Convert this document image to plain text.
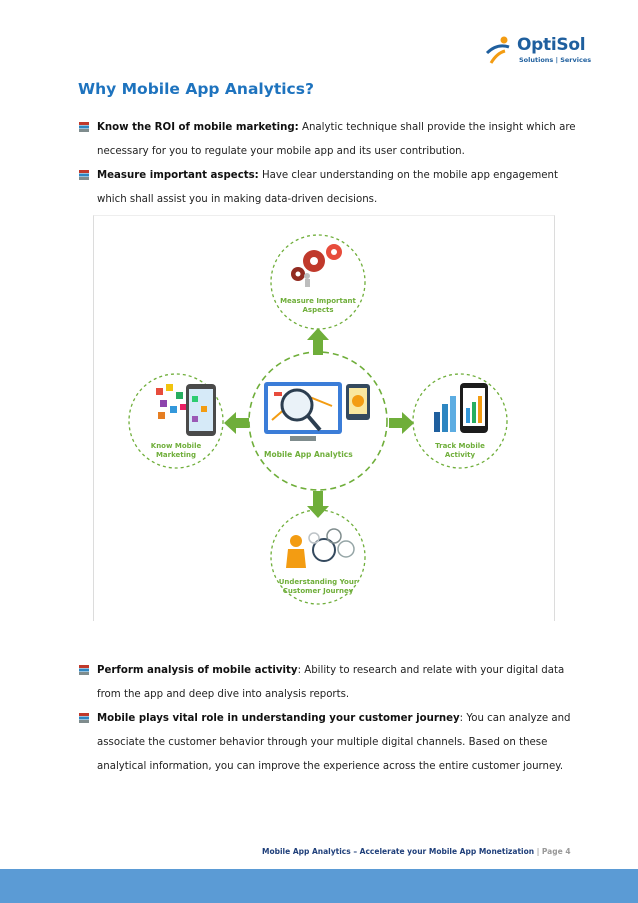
OptiSol
Solutions | Services
Why Mobile App Analytics?
Know the ROI of mobile marketing: Analytic technique shall provide the insight which are necessary for you to regulate your mobile app and its user contribution.
Measure important aspects: Have clear understanding on the mobile app engagement which shall assist you in making data-driven decisions.
Measure Important Aspects
Know Mobile Marketing
Track Mobile Activity
Understanding Your Customer Journey
Mobile App Analytics
Perform analysis of mobile activity: Ability to research and relate with your digital data from the app and deep dive into analysis reports.
Mobile plays vital role in understanding your customer journey: You can analyze and associate the customer behavior through your multiple digital channels. Based on these analytical information, you can improve the experience across the entire customer journey.
Mobile App Analytics – Accelerate your Mobile App Monetization | Page 4
